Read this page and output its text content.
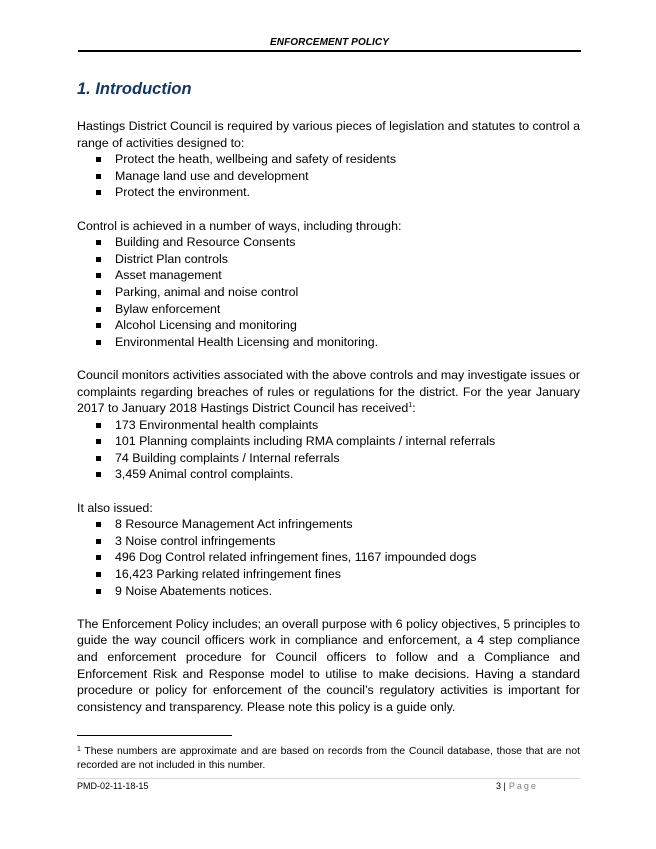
ENFORCEMENT POLICY
1. Introduction

Hastings District Council is required by various pieces of legislation and statutes to control a range of activities designed to:

Protect the heath, wellbeing and safety of residents
Manage land use and development
Protect the environment.

Control is achieved in a number of ways, including through:

Building and Resource Consents
District Plan controls
Asset management
Parking, animal and noise control
Bylaw enforcement
Alcohol Licensing and monitoring
Environmental Health Licensing and monitoring.

Council monitors activities associated with the above controls and may investigate issues or complaints regarding breaches of rules or regulations for the district. For the year January 2017 to January 2018 Hastings District Council has received$^1$:

173 Environmental health complaints
101 Planning complaints including RMA complaints / internal referrals
74 Building complaints / Internal referrals
3,459 Animal control complaints.

It also issued:

8 Resource Management Act infringements
3 Noise control infringements
496 Dog Control related infringement fines, 1167 impounded dogs
16,423 Parking related infringement fines
9 Noise Abatements notices.

The Enforcement Policy includes; an overall purpose with 6 policy objectives, 5 principles to guide the way council officers work in compliance and enforcement, a 4 step compliance and enforcement procedure for Council officers to follow and a Compliance and Enforcement Risk and Response model to utilise to make decisions. Having a standard procedure or policy for enforcement of the council’s regulatory activities is important for consistency and transparency. Please note this policy is a guide only.

$^1$ These numbers are approximate and are based on records from the Council database, those that are not recorded are not included in this number.
PMD-02-11-18-15	3 | Page
